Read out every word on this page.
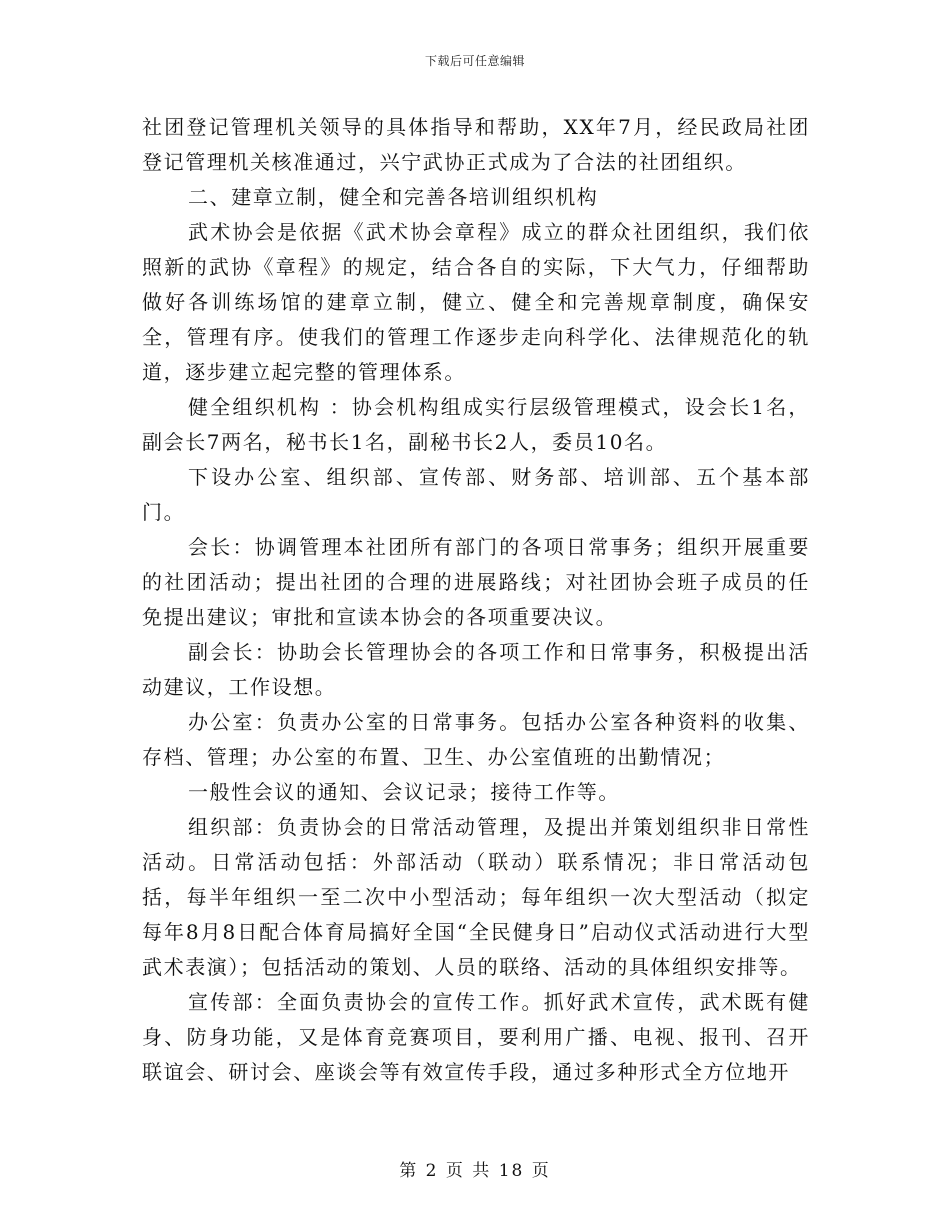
下载后可任意编辑

社团登记管理机关领导的具体指导和帮助，XX年7月，经民政局社团登记管理机关核准通过，兴宁武协正式成为了合法的社团组织。

二、建章立制，健全和完善各培训组织机构

武术协会是依据《武术协会章程》成立的群众社团组织，我们依照新的武协《章程》的规定，结合各自的实际，下大气力，仔细帮助做好各训练场馆的建章立制，健立、健全和完善规章制度，确保安全，管理有序。使我们的管理工作逐步走向科学化、法律规范化的轨道，逐步建立起完整的管理体系。

健全组织机构 ：协会机构组成实行层级管理模式，设会长1名，副会长7两名，秘书长1名，副秘书长2人，委员10名。

下设办公室、组织部、宣传部、财务部、培训部、五个基本部门。

会长：协调管理本社团所有部门的各项日常事务；组织开展重要的社团活动；提出社团的合理的进展路线；对社团协会班子成员的任免提出建议；审批和宣读本协会的各项重要决议。

副会长：协助会长管理协会的各项工作和日常事务，积极提出活动建议，工作设想。

办公室：负责办公室的日常事务。包括办公室各种资料的收集、存档、管理；办公室的布置、卫生、办公室值班的出勤情况；

一般性会议的通知、会议记录；接待工作等。

组织部：负责协会的日常活动管理，及提出并策划组织非日常性活动。日常活动包括：外部活动（联动）联系情况；非日常活动包括，每半年组织一至二次中小型活动；每年组织一次大型活动（拟定每年8月8日配合体育局搞好全国“全民健身日”启动仪式活动进行大型武术表演）；包括活动的策划、人员的联络、活动的具体组织安排等。

宣传部：全面负责协会的宣传工作。抓好武术宣传，武术既有健身、防身功能，又是体育竞赛项目，要利用广播、电视、报刊、召开联谊会、研讨会、座谈会等有效宣传手段，通过多种形式全方位地开

第 2 页 共 18 页
